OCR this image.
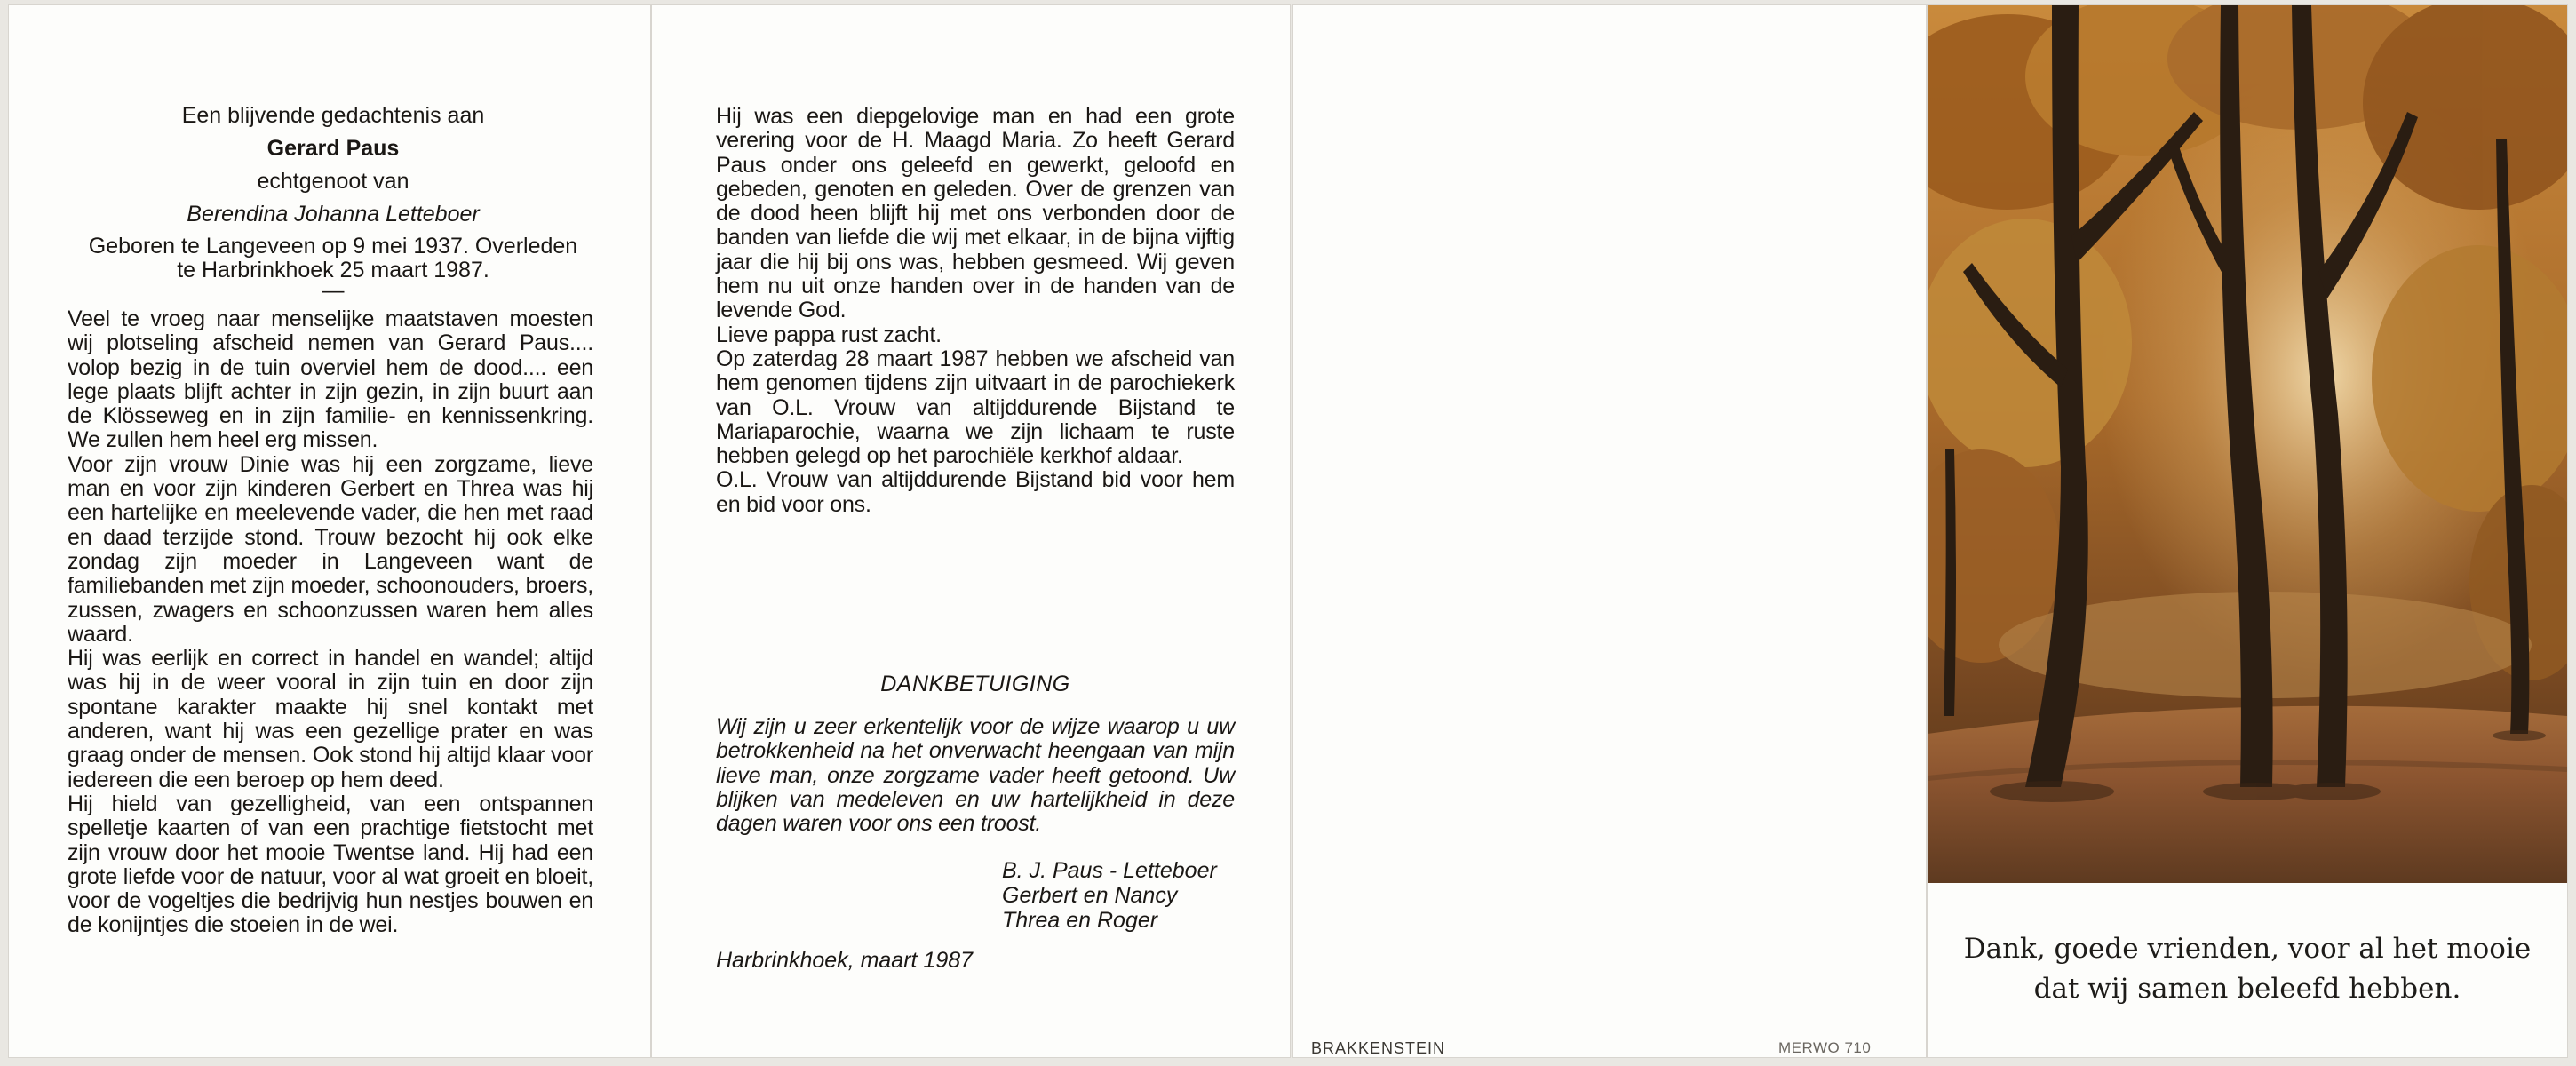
Een blijvende gedachtenis aan
Gerard Paus
echtgenoot van
Berendina Johanna Letteboer
Geboren te Langeveen op 9 mei 1937. Overleden
te Harbrinkhoek 25 maart 1987.
—

Veel te vroeg naar menselijke maatstaven moesten wij plotseling afscheid nemen van Gerard Paus.... volop bezig in de tuin overviel hem de dood.... een lege plaats blijft achter in zijn gezin, in zijn buurt aan de Klösseweg en in zijn familie- en kennissenkring. We zullen hem heel erg missen.

Voor zijn vrouw Dinie was hij een zorgzame, lieve man en voor zijn kinderen Gerbert en Threa was hij een hartelijke en meelevende vader, die hen met raad en daad terzijde stond. Trouw bezocht hij ook elke zondag zijn moeder in Langeveen want de familiebanden met zijn moeder, schoonouders, broers, zussen, zwagers en schoonzussen waren hem alles waard.

Hij was eerlijk en correct in handel en wandel; altijd was hij in de weer vooral in zijn tuin en door zijn spontane karakter maakte hij snel kontakt met anderen, want hij was een gezellige prater en was graag onder de mensen. Ook stond hij altijd klaar voor iedereen die een beroep op hem deed.

Hij hield van gezelligheid, van een ontspannen spelletje kaarten of van een prachtige fietstocht met zijn vrouw door het mooie Twentse land. Hij had een grote liefde voor de natuur, voor al wat groeit en bloeit, voor de vogeltjes die bedrijvig hun nestjes bouwen en de konijntjes die stoeien in de wei.

Hij was een diepgelovige man en had een grote verering voor de H. Maagd Maria. Zo heeft Gerard Paus onder ons geleefd en gewerkt, geloofd en gebeden, genoten en geleden. Over de grenzen van de dood heen blijft hij met ons verbonden door de banden van liefde die wij met elkaar, in de bijna vijftig jaar die hij bij ons was, hebben gesmeed. Wij geven hem nu uit onze handen over in de handen van de levende God.

Lieve pappa rust zacht.

Op zaterdag 28 maart 1987 hebben we afscheid van hem genomen tijdens zijn uitvaart in de parochiekerk van O.L. Vrouw van altijddurende Bijstand te Mariaparochie, waarna we zijn lichaam te ruste hebben gelegd op het parochiële kerkhof aldaar.

O.L. Vrouw van altijddurende Bijstand bid voor hem en bid voor ons.

DANKBETUIGING
Wij zijn u zeer erkentelijk voor de wijze waarop u uw betrokkenheid na het onverwacht heengaan van mijn lieve man, onze zorgzame vader heeft getoond. Uw blijken van medeleven en uw hartelijkheid in deze dagen waren voor ons een troost.
B. J. Paus - Letteboer
Gerbert en Nancy
Threa en Roger
Harbrinkhoek, maart 1987
BRAKKENSTEIN	MERWO 710
Dank, goede vrienden, voor al het mooie
dat wij samen beleefd hebben.
